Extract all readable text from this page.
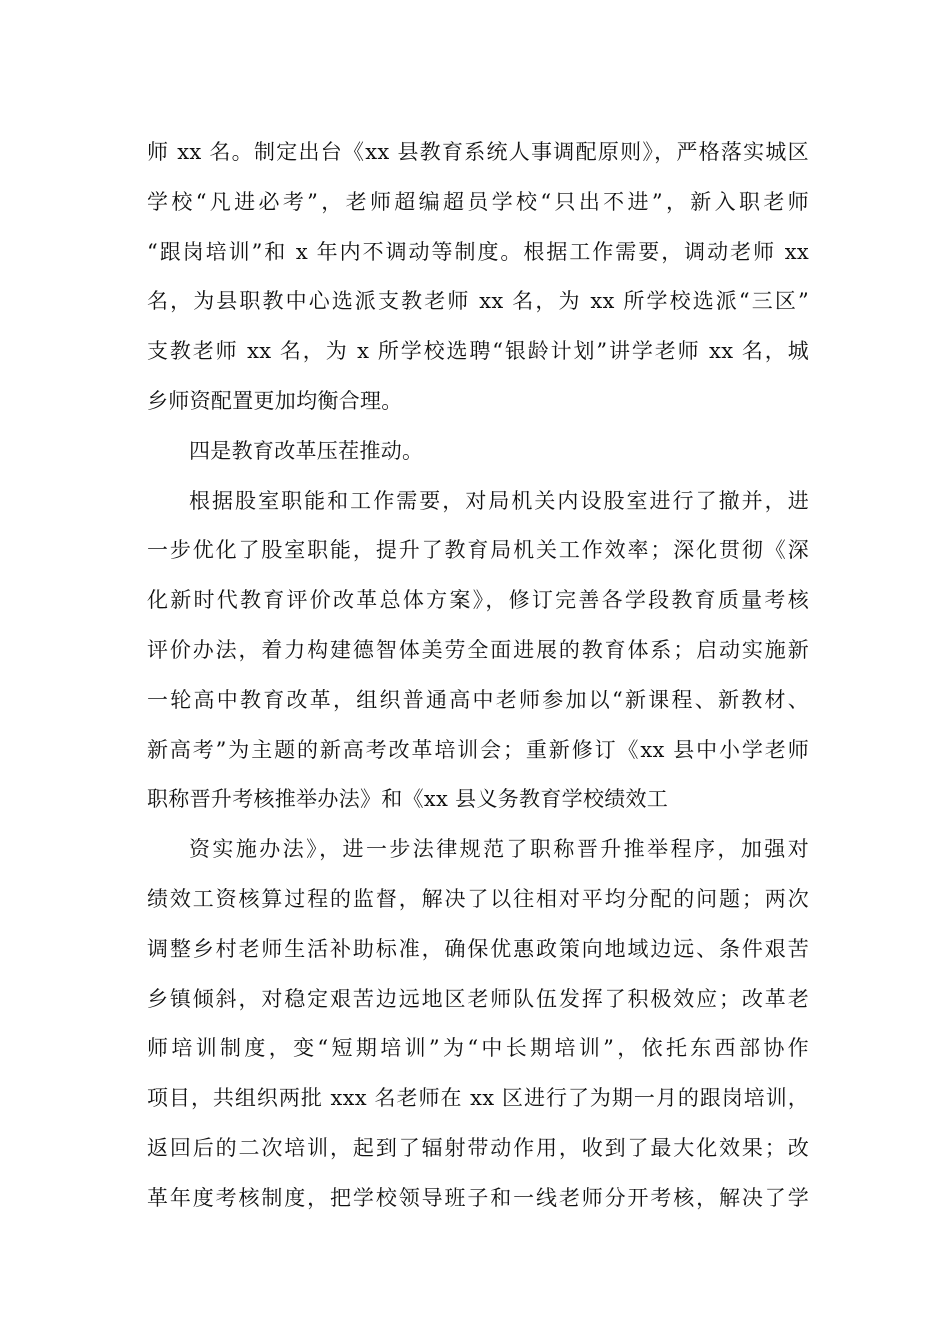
师 xx 名。制定出台《xx 县教育系统人事调配原则》，严格落实城区
学校“凡进必考”，老师超编超员学校“只出不进”，新入职老师
“跟岗培训”和 x 年内不调动等制度。根据工作需要，调动老师 xx
名，为县职教中心选派支教老师 xx 名，为 xx 所学校选派“三区”
支教老师 xx 名，为 x 所学校选聘“银龄计划”讲学老师 xx 名，城
乡师资配置更加均衡合理。
四是教育改革压茬推动。
根据股室职能和工作需要，对局机关内设股室进行了撤并，进
一步优化了股室职能，提升了教育局机关工作效率；深化贯彻《深
化新时代教育评价改革总体方案》，修订完善各学段教育质量考核
评价办法，着力构建德智体美劳全面进展的教育体系；启动实施新
一轮高中教育改革，组织普通高中老师参加以“新课程、新教材、
新高考”为主题的新高考改革培训会；重新修订《xx 县中小学老师
职称晋升考核推举办法》和《xx 县义务教育学校绩效工
资实施办法》，进一步法律规范了职称晋升推举程序，加强对
绩效工资核算过程的监督，解决了以往相对平均分配的问题；两次
调整乡村老师生活补助标准，确保优惠政策向地域边远、条件艰苦
乡镇倾斜，对稳定艰苦边远地区老师队伍发挥了积极效应；改革老
师培训制度，变“短期培训”为“中长期培训”，依托东西部协作
项目，共组织两批 xxx 名老师在 xx 区进行了为期一月的跟岗培训，
返回后的二次培训，起到了辐射带动作用，收到了最大化效果；改
革年度考核制度，把学校领导班子和一线老师分开考核，解决了学
